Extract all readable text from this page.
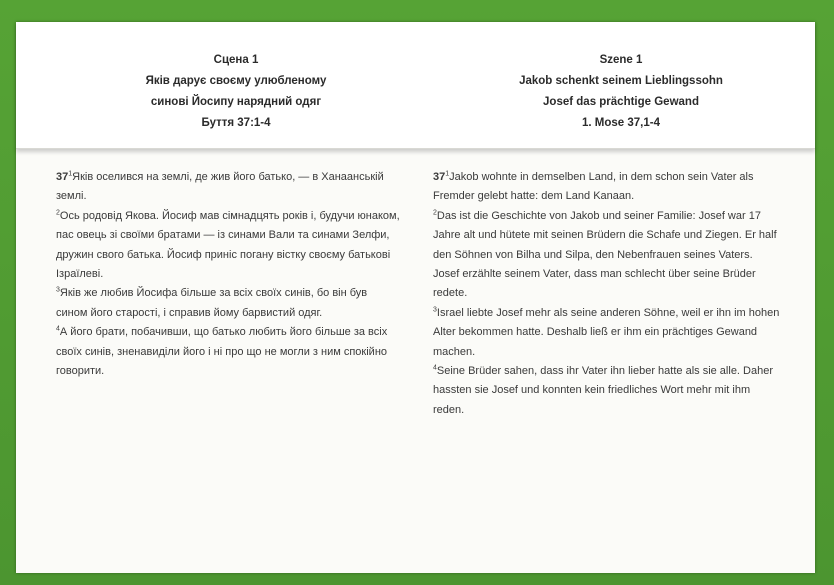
Сцена 1
Яків дарує своєму улюбленому
синові Йосипу нарядний одяг
Буття 37:1-4
Szene 1
Jakob schenkt seinem Lieblingssohn
Josef das prächtige Gewand
1. Mose 37,1-4
$37^1Яків$ оселився на землі, де жив його батько, — в Ханаанській землі.
$^2$Ось родовід Якова. Йосиф мав сімнадцять років і, будучи юнаком, пас овець зі своїми братами — із синами Вали та синами Зелфи, дружин свого батька. Йосиф приніс погану вістку своєму батькові Ізраїлеві.
$^3$Яків же любив Йосифа більше за всіх своїх синів, бо він був сином його старості, і справив йому барвистий одяг.
$^4$А його брати, побачивши, що батько любить його більше за всіх своїх синів, зненавиділи його і ні про що не могли з ним спокійно говорити.
$37^1Jakob$ wohnte in demselben Land, in dem schon sein Vater als Fremder gelebt hatte: dem Land Kanaan.
$^2$Das ist die Geschichte von Jakob und seiner Familie: Josef war 17 Jahre alt und hütete mit seinen Brüdern die Schafe und Ziegen. Er half den Söhnen von Bilha und Silpa, den Nebenfrauen seines Vaters. Josef erzählte seinem Vater, dass man schlecht über seine Brüder redete.
$^3$Israel liebte Josef mehr als seine anderen Söhne, weil er ihn im hohen Alter bekommen hatte. Deshalb ließ er ihm ein prächtiges Gewand machen.
$^4$Seine Brüder sahen, dass ihr Vater ihn lieber hatte als sie alle. Daher hassten sie Josef und konnten kein friedliches Wort mehr mit ihm reden.
